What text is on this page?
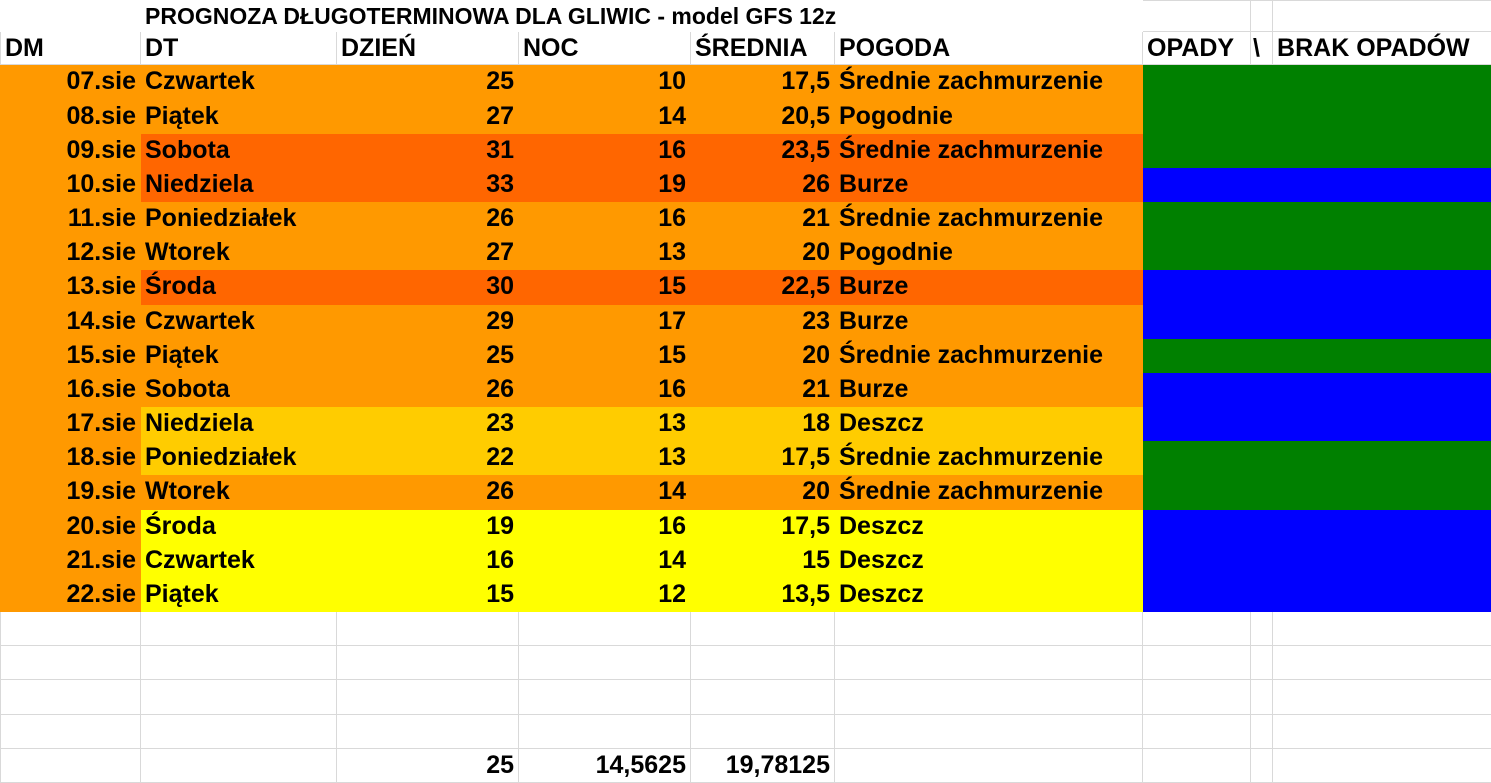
	PROGNOZA DŁUGOTERMINOWA DLA GLIWIC - model GFS 12z							
DM	DT	DZIEŃ	NOC	ŚREDNIA	POGODA	OPADY	\	BRAK OPADÓW
07.sie	Czwartek	25	10	17,5	Średnie zachmurzenie			
08.sie	Piątek	27	14	20,5	Pogodnie			
09.sie	Sobota	31	16	23,5	Średnie zachmurzenie			
10.sie	Niedziela	33	19	26	Burze			
11.sie	Poniedziałek	26	16	21	Średnie zachmurzenie			
12.sie	Wtorek	27	13	20	Pogodnie			
13.sie	Środa	30	15	22,5	Burze			
14.sie	Czwartek	29	17	23	Burze			
15.sie	Piątek	25	15	20	Średnie zachmurzenie			
16.sie	Sobota	26	16	21	Burze			
17.sie	Niedziela	23	13	18	Deszcz			
18.sie	Poniedziałek	22	13	17,5	Średnie zachmurzenie			
19.sie	Wtorek	26	14	20	Średnie zachmurzenie			
20.sie	Środa	19	16	17,5	Deszcz			
21.sie	Czwartek	16	14	15	Deszcz			
22.sie	Piątek	15	12	13,5	Deszcz			

		25	14,5625	19,78125				
